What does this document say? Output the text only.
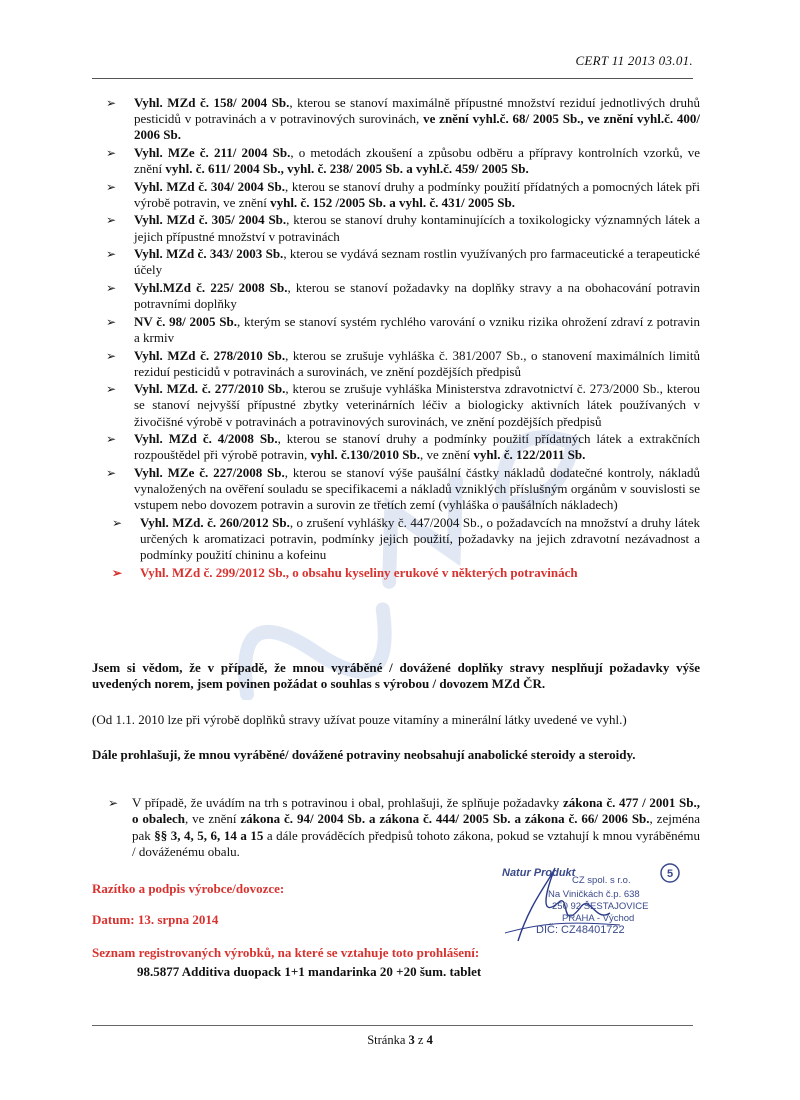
CERT 11 2013 03.01.
➢ Vyhl. MZd č. 158/ 2004 Sb., kterou se stanoví maximálně přípustné množství reziduí jednotlivých druhů pesticidů v potravinách a v potravinových surovinách, ve znění vyhl.č. 68/ 2005 Sb., ve znění vyhl.č. 400/ 2006 Sb.
➢ Vyhl. MZe č. 211/ 2004 Sb., o metodách zkoušení a způsobu odběru a přípravy kontrolních vzorků, ve znění vyhl. č. 611/ 2004 Sb., vyhl. č. 238/ 2005 Sb. a vyhl.č. 459/ 2005 Sb.
➢ Vyhl. MZd č. 304/ 2004 Sb., kterou se stanoví druhy a podmínky použití přídatných a pomocných látek při výrobě potravin, ve znění vyhl. č. 152 /2005 Sb. a vyhl. č. 431/ 2005 Sb.
➢ Vyhl. MZd č. 305/ 2004 Sb., kterou se stanoví druhy kontaminujících a toxikologicky významných látek a jejich přípustné množství v potravinách
➢ Vyhl. MZd č. 343/ 2003 Sb., kterou se vydává seznam rostlin využívaných pro farmaceutické a terapeutické účely
➢ Vyhl.MZd č. 225/ 2008 Sb., kterou se stanoví požadavky na doplňky stravy a na obohacování potravin potravními doplňky
➢ NV č. 98/ 2005 Sb., kterým se stanoví systém rychlého varování o vzniku rizika ohrožení zdraví z potravin a krmiv
➢ Vyhl. MZd č. 278/2010 Sb., kterou se zrušuje vyhláška č. 381/2007 Sb., o stanovení maximálních limitů reziduí pesticidů v potravinách a surovinách, ve znění pozdějších předpisů
➢ Vyhl. MZd. č. 277/2010 Sb., kterou se zrušuje vyhláška Ministerstva zdravotnictví č. 273/2000 Sb., kterou se stanoví nejvyšší přípustné zbytky veterinárních léčiv a biologicky aktivních látek používaných v živočišné výrobě v potravinách a potravinových surovinách, ve znění pozdějších předpisů
➢ Vyhl. MZd č. 4/2008 Sb., kterou se stanoví druhy a podmínky použití přídatných látek a extrakčních rozpouštědel při výrobě potravin, vyhl. č.130/2010 Sb., ve znění vyhl. č. 122/2011 Sb.
➢ Vyhl. MZe č. 227/2008 Sb., kterou se stanoví výše paušální částky nákladů dodatečné kontroly, nákladů vynaložených na ověření souladu se specifikacemi a nákladů vzniklých příslušným orgánům v souvislosti se vstupem nebo dovozem potravin a surovin ze třetích zemí (vyhláška o paušálních nákladech)
➢ Vyhl. MZd. č. 260/2012 Sb., o zrušení vyhlášky č. 447/2004 Sb., o požadavcích na množství a druhy látek určených k aromatizaci potravin, podmínky jejich použití, požadavky na jejich zdravotní nezávadnost a podmínky použití chininu a kofeinu
➢ Vyhl. MZd č. 299/2012 Sb., o obsahu kyseliny erukové v některých potravinách
Jsem si vědom, že v případě, že mnou vyráběné / dovážené doplňky stravy nesplňují požadavky výše uvedených norem, jsem povinen požádat o souhlas s výrobou / dovozem MZd ČR.
(Od 1.1. 2010 lze při výrobě doplňků stravy užívat pouze vitamíny a minerální látky uvedené ve vyhl.)
Dále prohlašuji, že mnou vyráběné/ dovážené potraviny neobsahují anabolické steroidy a steroidy.
➢ V případě, že uvádím na trh s potravinou i obal, prohlašuji, že splňuje požadavky zákona č. 477 / 2001 Sb., o obalech, ve znění zákona č. 94/ 2004 Sb. a zákona č. 444/ 2005 Sb. a zákona č. 66/ 2006 Sb., zejména pak §§ 3, 4, 5, 6, 14 a 15 a dále prováděcích předpisů tohoto zákona, pokud se vztahují k mnou vyráběnému / dováženému obalu.
Razítko a podpis výrobce/dovozce:
Datum: 13. srpna 2014
Seznam registrovaných výrobků, na které se vztahuje toto prohlášení:
98.5877 Additiva duopack 1+1 mandarinka 20 +20 šum. tablet
5
Natur Produkt
CZ spol. s r.o.
Na Viničkách č.p. 638
250 92 ŠESTAJOVICE
PRAHA - Východ
DIČ: CZ48401722
Stránka 3 z 4
